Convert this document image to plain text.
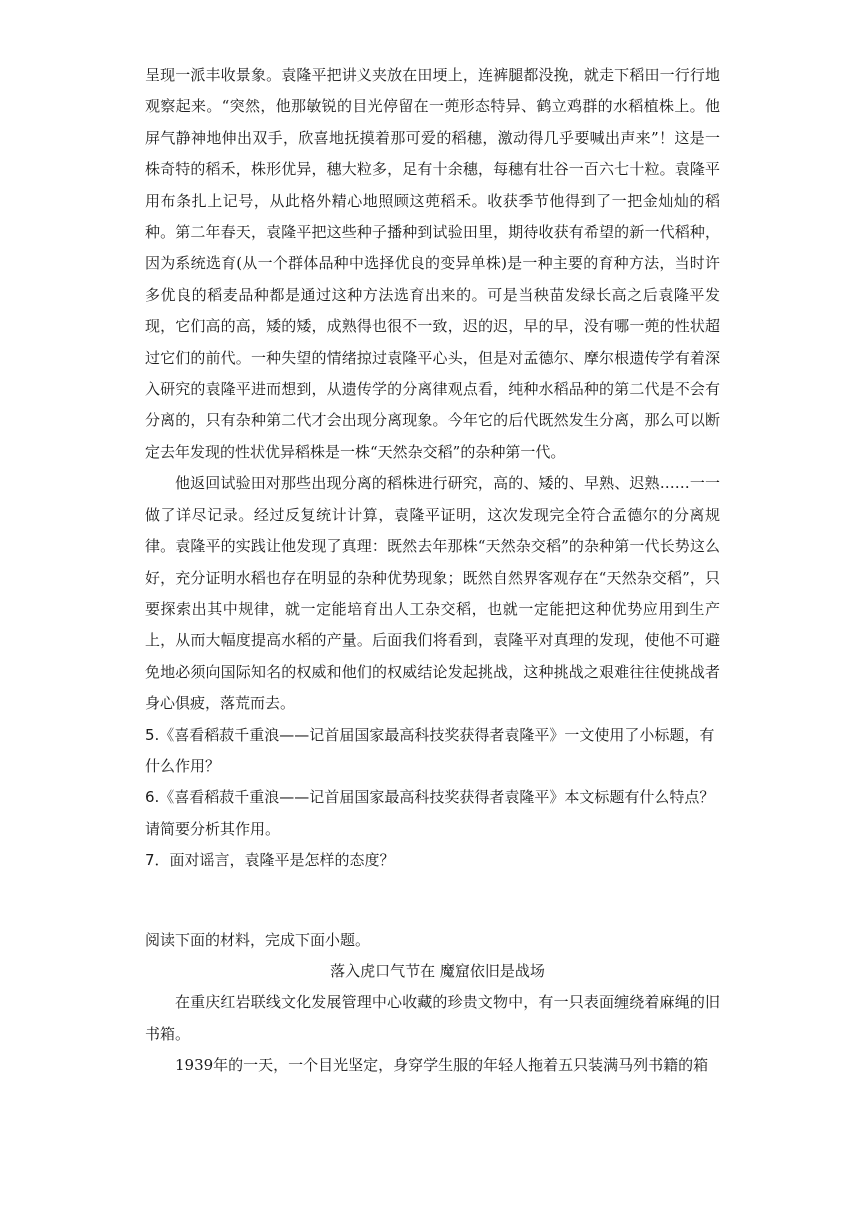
呈现一派丰收景象。袁隆平把讲义夹放在田埂上，连裤腿都没挽，就走下稻田一行行地观察起来。“突然，他那敏锐的目光停留在一蔸形态特异、鹤立鸡群的水稻植株上。他屏气静神地伸出双手，欣喜地抚摸着那可爱的稻穗，激动得几乎要喊出声来”！这是一株奇特的稻禾，株形优异，穗大粒多，足有十余穗，每穗有壮谷一百六七十粒。袁隆平用布条扎上记号，从此格外精心地照顾这蔸稻禾。收获季节他得到了一把金灿灿的稻种。第二年春天，袁隆平把这些种子播种到试验田里，期待收获有希望的新一代稻种，因为系统选育(从一个群体品种中选择优良的变异单株)是一种主要的育种方法，当时许多优良的稻麦品种都是通过这种方法选育出来的。可是当秧苗发绿长高之后袁隆平发现，它们高的高，矮的矮，成熟得也很不一致，迟的迟，早的早，没有哪一蔸的性状超过它们的前代。一种失望的情绪掠过袁隆平心头，但是对孟德尔、摩尔根遗传学有着深入研究的袁隆平进而想到，从遗传学的分离律观点看，纯种水稻品种的第二代是不会有分离的，只有杂种第二代才会出现分离现象。今年它的后代既然发生分离，那么可以断定去年发现的性状优异稻株是一株“天然杂交稻”的杂种第一代。

他返回试验田对那些出现分离的稻株进行研究，高的、矮的、早熟、迟熟……一一做了详尽记录。经过反复统计计算，袁隆平证明，这次发现完全符合孟德尔的分离规律。袁隆平的实践让他发现了真理：既然去年那株“天然杂交稻”的杂种第一代长势这么好，充分证明水稻也存在明显的杂种优势现象；既然自然界客观存在“天然杂交稻”，只要探索出其中规律，就一定能培育出人工杂交稻，也就一定能把这种优势应用到生产上，从而大幅度提高水稻的产量。后面我们将看到，袁隆平对真理的发现，使他不可避免地必须向国际知名的权威和他们的权威结论发起挑战，这种挑战之艰难往往使挑战者身心俱疲，落荒而去。

5.《喜看稻菽千重浪——记首届国家最高科技奖获得者袁隆平》一文使用了小标题，有什么作用？

6.《喜看稻菽千重浪——记首届国家最高科技奖获得者袁隆平》本文标题有什么特点？请简要分析其作用。

7．面对谣言，袁隆平是怎样的态度？

阅读下面的材料，完成下面小题。

落入虎口气节在 魔窟依旧是战场

在重庆红岩联线文化发展管理中心收藏的珍贵文物中，有一只表面缠绕着麻绳的旧书箱。

1939年的一天，一个目光坚定，身穿学生服的年轻人拖着五只装满马列书籍的箱
